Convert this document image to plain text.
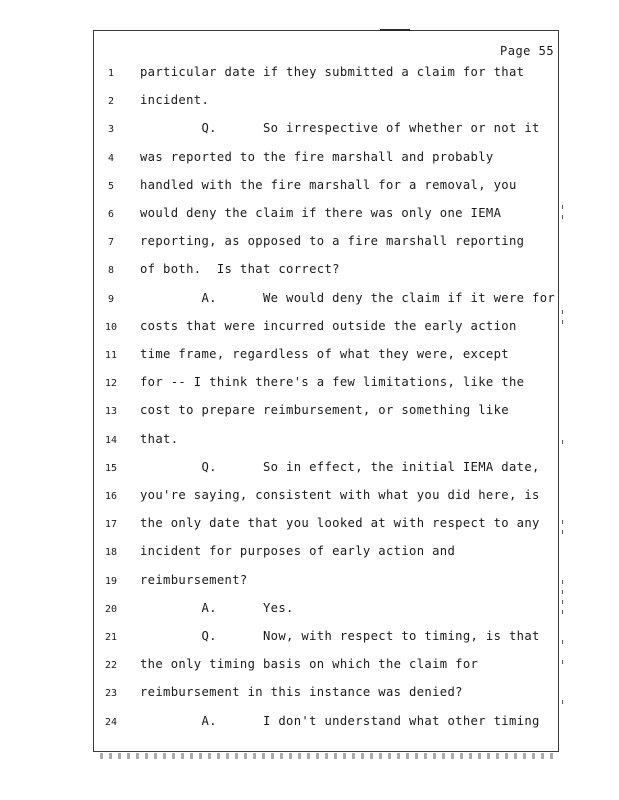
Page 55
1	particular date if they submitted a claim for that
2	incident.
3	Q.      So irrespective of whether or not it
4	was reported to the fire marshall and probably
5	handled with the fire marshall for a removal, you
6	would deny the claim if there was only one IEMA
7	reporting, as opposed to a fire marshall reporting
8	of both.  Is that correct?
9	A.      We would deny the claim if it were for
10	costs that were incurred outside the early action
11	time frame, regardless of what they were, except
12	for -- I think there's a few limitations, like the
13	cost to prepare reimbursement, or something like
14	that.
15	Q.      So in effect, the initial IEMA date,
16	you're saying, consistent with what you did here, is
17	the only date that you looked at with respect to any
18	incident for purposes of early action and
19	reimbursement?
20	A.      Yes.
21	Q.      Now, with respect to timing, is that
22	the only timing basis on which the claim for
23	reimbursement in this instance was denied?
24	A.      I don't understand what other timing
